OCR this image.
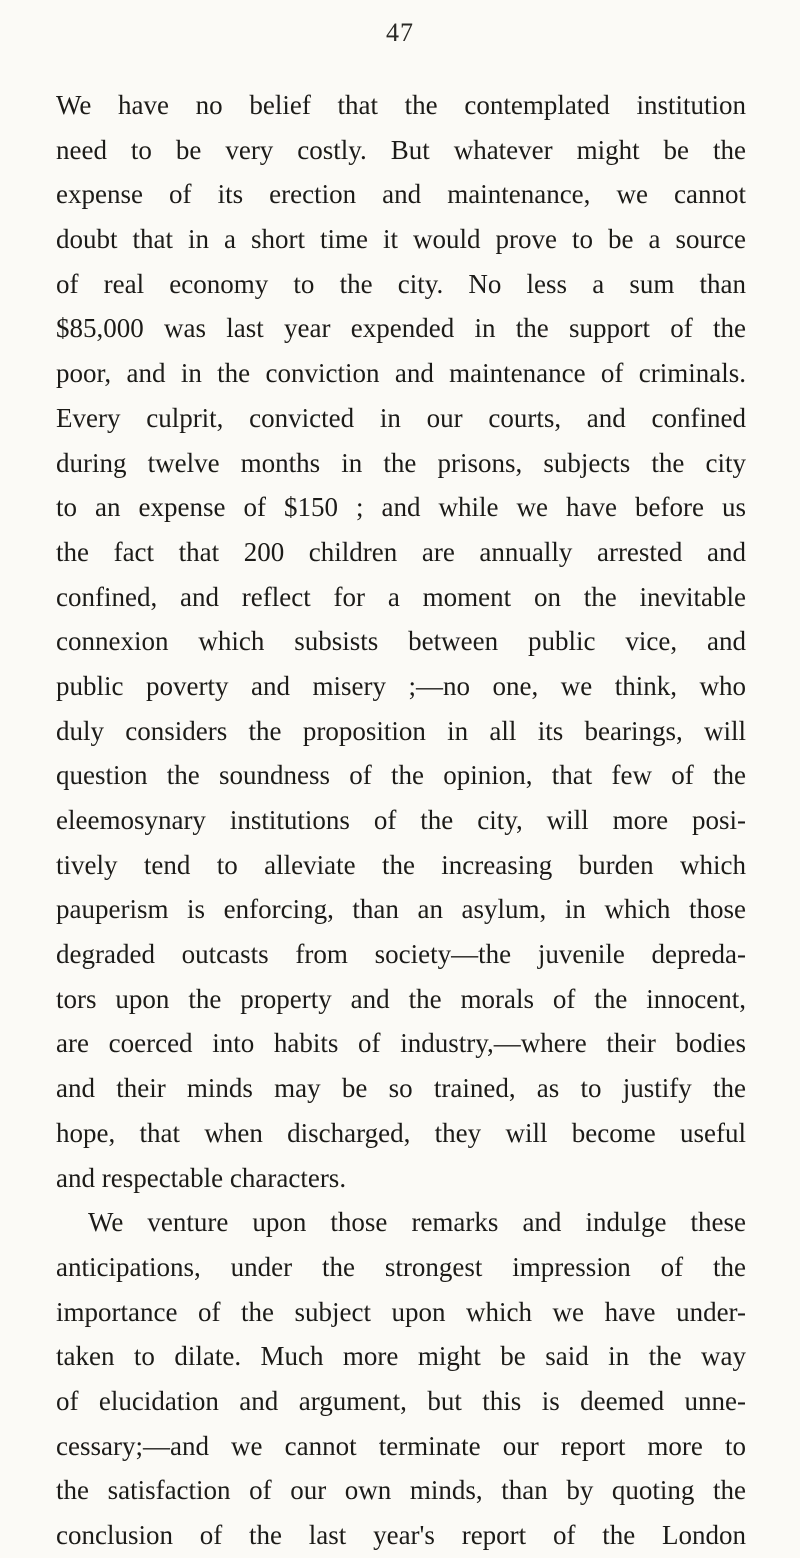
47
We have no belief that the contemplated institution
need to be very costly. But whatever might be the
expense of its erection and maintenance, we cannot
doubt that in a short time it would prove to be a source
of real economy to the city. No less a sum than
$85,000 was last year expended in the support of the
poor, and in the conviction and maintenance of criminals.
Every culprit, convicted in our courts, and confined
during twelve months in the prisons, subjects the city
to an expense of $150 ; and while we have before us
the fact that 200 children are annually arrested and
confined, and reflect for a moment on the inevitable
connexion which subsists between public vice, and
public poverty and misery ;—no one, we think, who
duly considers the proposition in all its bearings, will
question the soundness of the opinion, that few of the
eleemosynary institutions of the city, will more posi-
tively tend to alleviate the increasing burden which
pauperism is enforcing, than an asylum, in which those
degraded outcasts from society—the juvenile depreda-
tors upon the property and the morals of the innocent,
are coerced into habits of industry,—where their bodies
and their minds may be so trained, as to justify the
hope, that when discharged, they will become useful
and respectable characters.
We venture upon those remarks and indulge these
anticipations, under the strongest impression of the
importance of the subject upon which we have under-
taken to dilate. Much more might be said in the way
of elucidation and argument, but this is deemed unne-
cessary;—and we cannot terminate our report more to
the satisfaction of our own minds, than by quoting the
conclusion of the last year's report of the London
